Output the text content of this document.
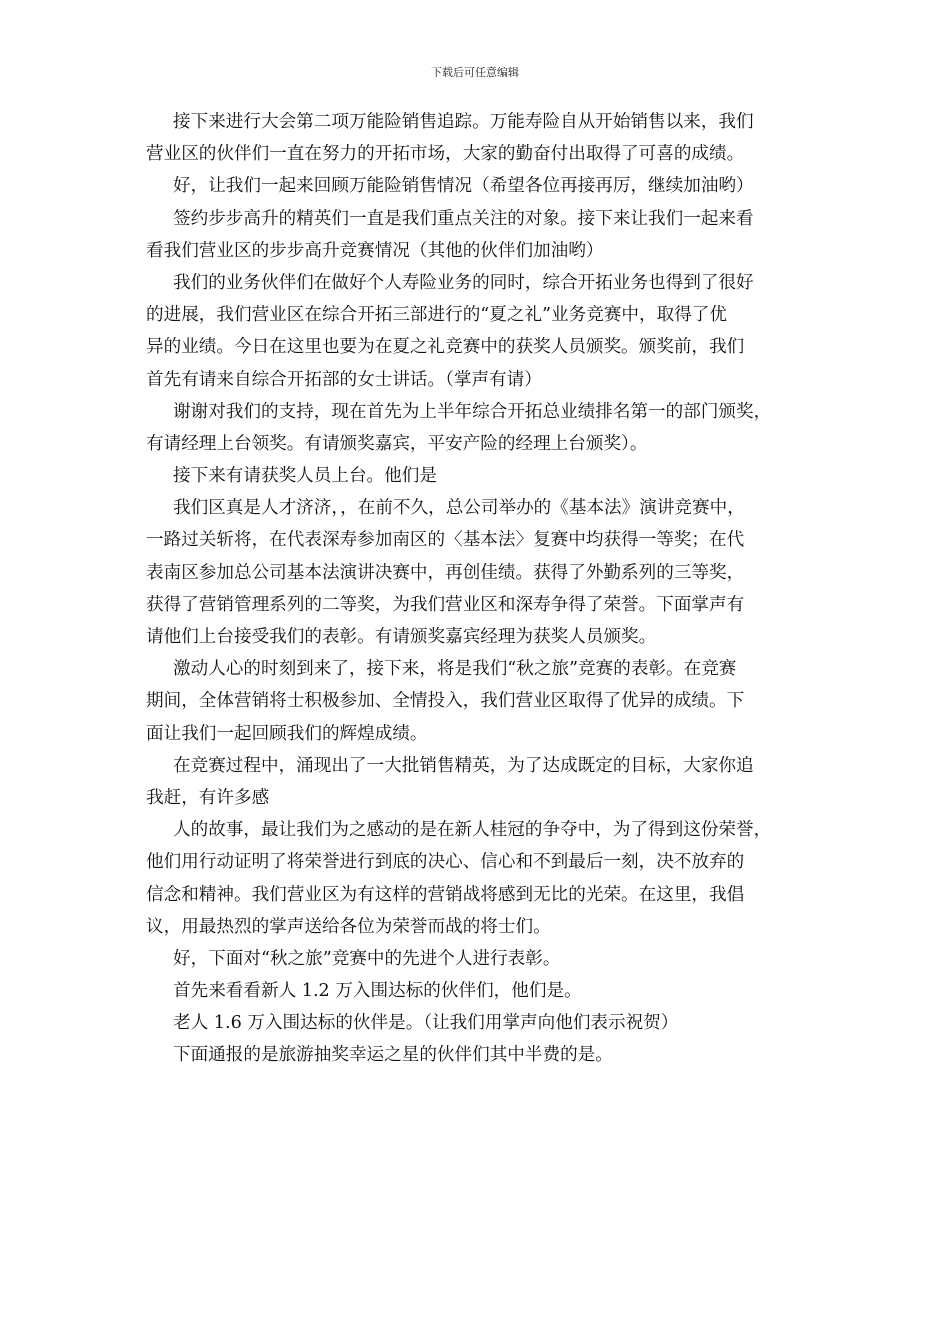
下载后可任意编辑
接下来进行大会第二项万能险销售追踪。万能寿险自从开始销售以来，我们
营业区的伙伴们一直在努力的开拓市场，大家的勤奋付出取得了可喜的成绩。
好，让我们一起来回顾万能险销售情况（希望各位再接再厉，继续加油哟）
签约步步高升的精英们一直是我们重点关注的对象。接下来让我们一起来看
看我们营业区的步步高升竞赛情况（其他的伙伴们加油哟）
我们的业务伙伴们在做好个人寿险业务的同时，综合开拓业务也得到了很好
的进展，我们营业区在综合开拓三部进行的“夏之礼”业务竞赛中，取得了优
异的业绩。今日在这里也要为在夏之礼竞赛中的获奖人员颁奖。颁奖前，我们
首先有请来自综合开拓部的女士讲话。（掌声有请）
谢谢对我们的支持，现在首先为上半年综合开拓总业绩排名第一的部门颁奖，
有请经理上台领奖。有请颁奖嘉宾，平安产险的经理上台颁奖）。
接下来有请获奖人员上台。他们是
我们区真是人才济济，，在前不久，总公司举办的《基本法》演讲竞赛中，
一路过关斩将，在代表深寿参加南区的〈基本法〉复赛中均获得一等奖；在代
表南区参加总公司基本法演讲决赛中，再创佳绩。获得了外勤系列的三等奖，
获得了营销管理系列的二等奖，为我们营业区和深寿争得了荣誉。下面掌声有
请他们上台接受我们的表彰。有请颁奖嘉宾经理为获奖人员颁奖。
激动人心的时刻到来了，接下来，将是我们“秋之旅”竞赛的表彰。在竞赛
期间，全体营销将士积极参加、全情投入，我们营业区取得了优异的成绩。下
面让我们一起回顾我们的辉煌成绩。
在竞赛过程中，涌现出了一大批销售精英，为了达成既定的目标，大家你追
我赶，有许多感
人的故事，最让我们为之感动的是在新人桂冠的争夺中，为了得到这份荣誉，
他们用行动证明了将荣誉进行到底的决心、信心和不到最后一刻，决不放弃的
信念和精神。我们营业区为有这样的营销战将感到无比的光荣。在这里，我倡
议，用最热烈的掌声送给各位为荣誉而战的将士们。
好，下面对“秋之旅”竞赛中的先进个人进行表彰。
首先来看看新人 1.2 万入围达标的伙伴们，他们是。
老人 1.6 万入围达标的伙伴是。（让我们用掌声向他们表示祝贺）
下面通报的是旅游抽奖幸运之星的伙伴们其中半费的是。
